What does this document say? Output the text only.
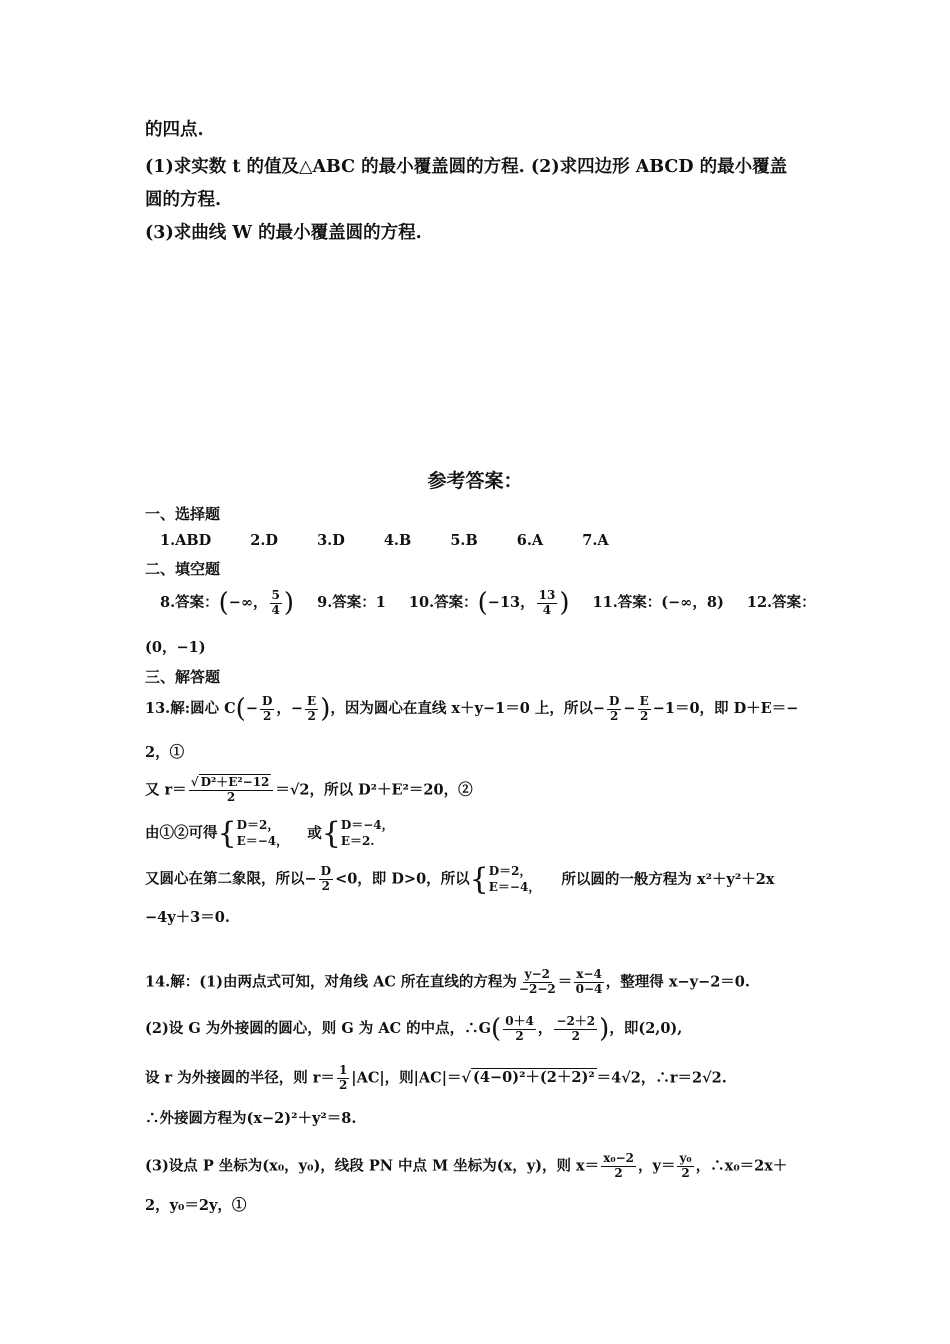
的四点.
(1)求实数 t 的值及△ABC 的最小覆盖圆的方程. (2)求四边形 ABCD 的最小覆盖
圆的方程.
(3)求曲线 W 的最小覆盖圆的方程.
参考答案：
一、选择题
1.ABD	2.D	3.D	4.B	5.B	6.A	7.A
二、填空题
8.答案：(−∞， $\frac{5}{4}$ ) 9.答案：1 10.答案：(−13， $\frac{13}{4}$ ) 11.答案：(−∞，8) 12.答案：
(0，−1)
三、解答题
13.解:圆心 $C(- \frac{D}{2}$ ，− $\frac{E}{2}$ )，因为圆心在直线 x＋y−1＝0 上，所以− $\frac{D}{2} - \frac{E}{2} -1=0$，即 D＋E＝−
2，①
又 $r= \frac{\text{√ D²＋E²−12}}{2} =√2$，所以 D²＋E²＝20，②
由①②可得 { D＝2，
E＝−4， 或 { D＝−4，
E＝2.
又圆心在第二象限，所以− $\frac{D}{2} <0$，即 D>0，所以 { D＝2，
E＝−4， 所以圆的一般方程为 x²＋y²＋2x
−4y＋3＝0.
14.解：(1)由两点式可知，对角线 AC 所在直线的方程为 $\frac{y-2}{-2-2} = \frac{x-4}{0-4}$ ，整理得 x−y−2＝0.
(2)设 G 为外接圆的圆心，则 G 为 AC 的中点，∴G( $\frac{0+4}{2}$ ， $\frac{-2+2}{2}$ )，即(2,0),
设 r 为外接圆的半径，则 $r= \frac{1}{2} |AC|$，则|AC|＝√ (4−0)²＋(2＋2)² ＝4√2，∴r＝2√2.
∴外接圆方程为(x−2)²＋y²＝8.
(3)设点 P 坐标为(x₀，y₀)，线段 PN 中点 M 坐标为(x，y)，则 $x= \frac{\text{x₀−2}}{2}$ ，$y= \frac{\text{y₀}}{2}$ ，∴x₀＝2x＋
2，y₀＝2y，①
